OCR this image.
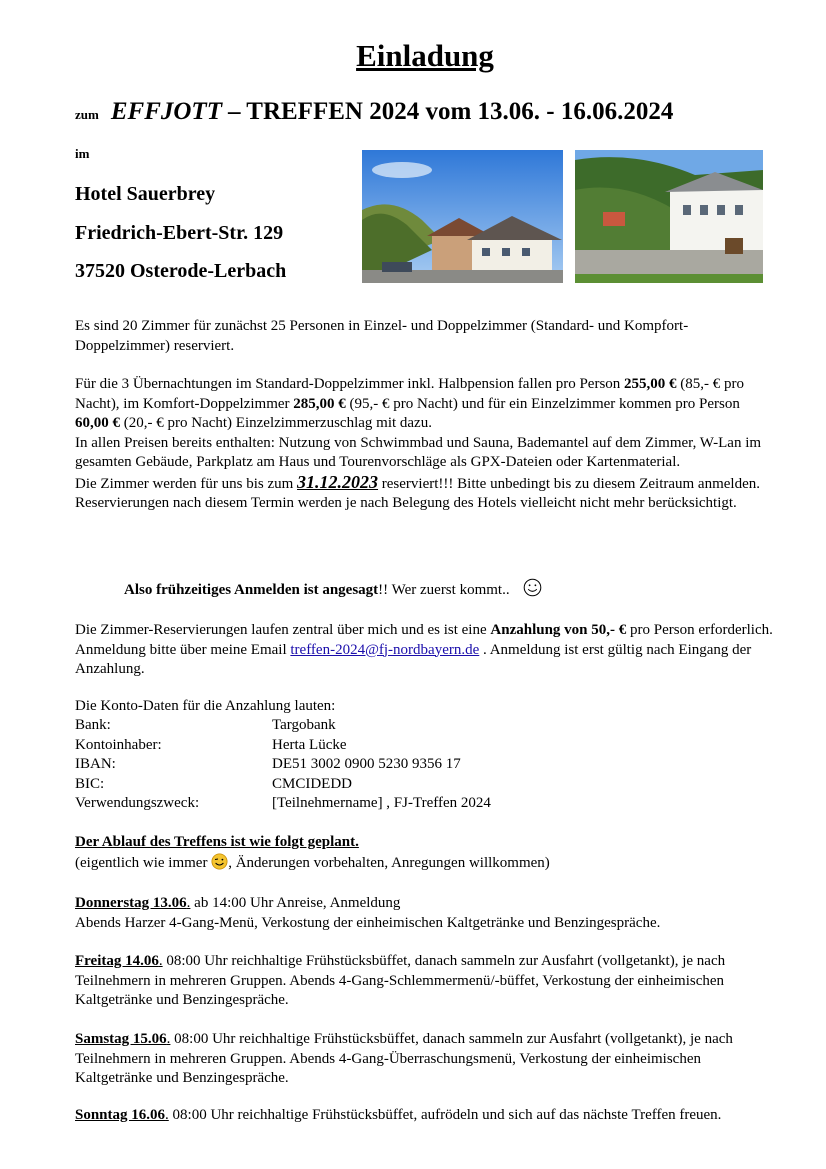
Einladung
zum EFFJOTT – TREFFEN 2024 vom 13.06. - 16.06.2024
im
Hotel Sauerbrey
Friedrich-Ebert-Str. 129
37520 Osterode-Lerbach

Es sind 20 Zimmer für zunächst 25 Personen in Einzel- und Doppelzimmer (Standard- und Kompfort-Doppelzimmer) reserviert.

Für die 3 Übernachtungen im Standard-Doppelzimmer inkl. Halbpension fallen pro Person 255,00 € (85,- € pro Nacht), im Komfort-Doppelzimmer 285,00 € (95,- € pro Nacht) und für ein Einzelzimmer kommen pro Person 60,00 € (20,- € pro Nacht) Einzelzimmerzuschlag mit dazu.
In allen Preisen bereits enthalten: Nutzung von Schwimmbad und Sauna, Bademantel auf dem Zimmer, W-Lan im gesamten Gebäude, Parkplatz am Haus und Tourenvorschläge als GPX-Dateien oder Kartenmaterial.
Die Zimmer werden für uns bis zum 31.12.2023 reserviert!!! Bitte unbedingt bis zu diesem Zeitraum anmelden. Reservierungen nach diesem Termin werden je nach Belegung des Hotels vielleicht nicht mehr berücksichtigt.

Also frühzeitiges Anmelden ist angesagt!! Wer zuerst kommt..

Die Zimmer-Reservierungen laufen zentral über mich und es ist eine Anzahlung von 50,- € pro Person erforderlich. Anmeldung bitte über meine Email treffen-2024@fj-nordbayern.de . Anmeldung ist erst gültig nach Eingang der Anzahlung.

Die Konto-Daten für die Anzahlung lauten:
Bank:	Targobank
Kontoinhaber:	Herta Lücke
IBAN:	DE51 3002 0900 5230 9356 17
BIC:	CMCIDEDD
Verwendungszweck:	[Teilnehmername] , FJ-Treffen 2024
Der Ablauf des Treffens ist wie folgt geplant.
(eigentlich wie immer , Änderungen vorbehalten, Anregungen willkommen)

Donnerstag 13.06. ab 14:00 Uhr Anreise, Anmeldung
Abends Harzer 4-Gang-Menü, Verkostung der einheimischen Kaltgetränke und Benzingespräche.

Freitag 14.06. 08:00 Uhr reichhaltige Frühstücksbüffet, danach sammeln zur Ausfahrt (vollgetankt), je nach Teilnehmern in mehreren Gruppen. Abends 4-Gang-Schlemmermenü/-büffet, Verkostung der einheimischen Kaltgetränke und Benzingespräche.

Samstag 15.06. 08:00 Uhr reichhaltige Frühstücksbüffet, danach sammeln zur Ausfahrt (vollgetankt), je nach Teilnehmern in mehreren Gruppen. Abends 4-Gang-Überraschungsmenü, Verkostung der einheimischen Kaltgetränke und Benzingespräche.

Sonntag 16.06. 08:00 Uhr reichhaltige Frühstücksbüffet, aufrödeln und sich auf das nächste Treffen freuen.
